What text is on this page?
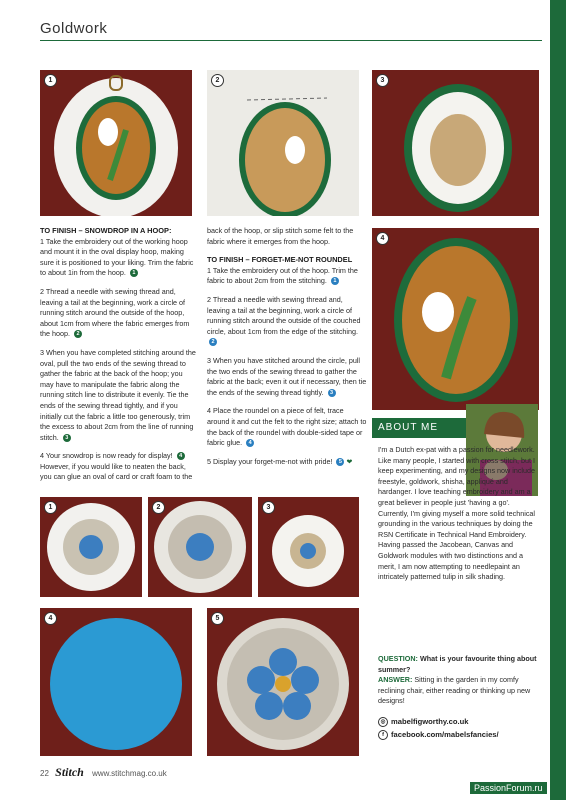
Goldwork
1	2	3
4
TO FINISH – SNOWDROP IN A HOOP:

1 Take the embroidery out of the working hoop and mount it in the oval display hoop, making sure it is positioned to your liking. Trim the fabric to about 1in from the hoop. 1

2 Thread a needle with sewing thread and, leaving a tail at the beginning, work a circle of running stitch around the outside of the hoop, about 1cm from where the fabric emerges from the hoop. 2

3 When you have completed stitching around the oval, pull the two ends of the sewing thread to gather the fabric at the back of the hoop; you may have to manipulate the fabric along the running stitch line to distribute it evenly. Tie the ends of the sewing thread tightly, and if you initially cut the fabric a little too generously, trim the excess to about 2cm from the line of running stitch. 3

4 Your snowdrop is now ready for display! 4 However, if you would like to neaten the back, you can glue an oval of card or craft foam to the

back of the hoop, or slip stitch some felt to the fabric where it emerges from the hoop.

TO FINISH – FORGET-ME-NOT ROUNDEL

1 Take the embroidery out of the hoop. Trim the fabric to about 2cm from the stitching. 1

2 Thread a needle with sewing thread and, leaving a tail at the beginning, work a circle of running stitch around the outside of the couched circle, about 1cm from the edge of the stitching. 2

3 When you have stitched around the circle, pull the two ends of the sewing thread to gather the fabric at the back; even it out if necessary, then tie the ends of the sewing thread tightly. 3

4 Place the roundel on a piece of felt, trace around it and cut the felt to the right size; attach to the back of the roundel with double-sided tape or fabric glue. 4

5 Display your forget-me-not with pride! 5 ❤

1	2	3
4	5
ABOUT ME
I'm a Dutch ex-pat with a passion for needlework. Like many people, I started with cross stitch, but I keep experimenting, and my designs now include freestyle, goldwork, shisha, appliqué and hardanger. I love teaching embroidery and am a great believer in people just 'having a go'. Currently, I'm giving myself a more solid technical grounding in the various techniques by doing the RSN Certificate in Technical Hand Embroidery. Having passed the Jacobean, Canvas and Goldwork modules with two distinctions and a merit, I am now attempting to needlepaint an intricately patterned tulip in silk shading.
QUESTION: What is your favourite thing about summer?
ANSWER: Sitting in the garden in my comfy reclining chair, either reading or thinking up new designs!
◎ mabelfigworthy.co.uk
f facebook.com/mabelsfancies/
22 Stitch www.stitchmag.co.uk
PassionForum.ru
